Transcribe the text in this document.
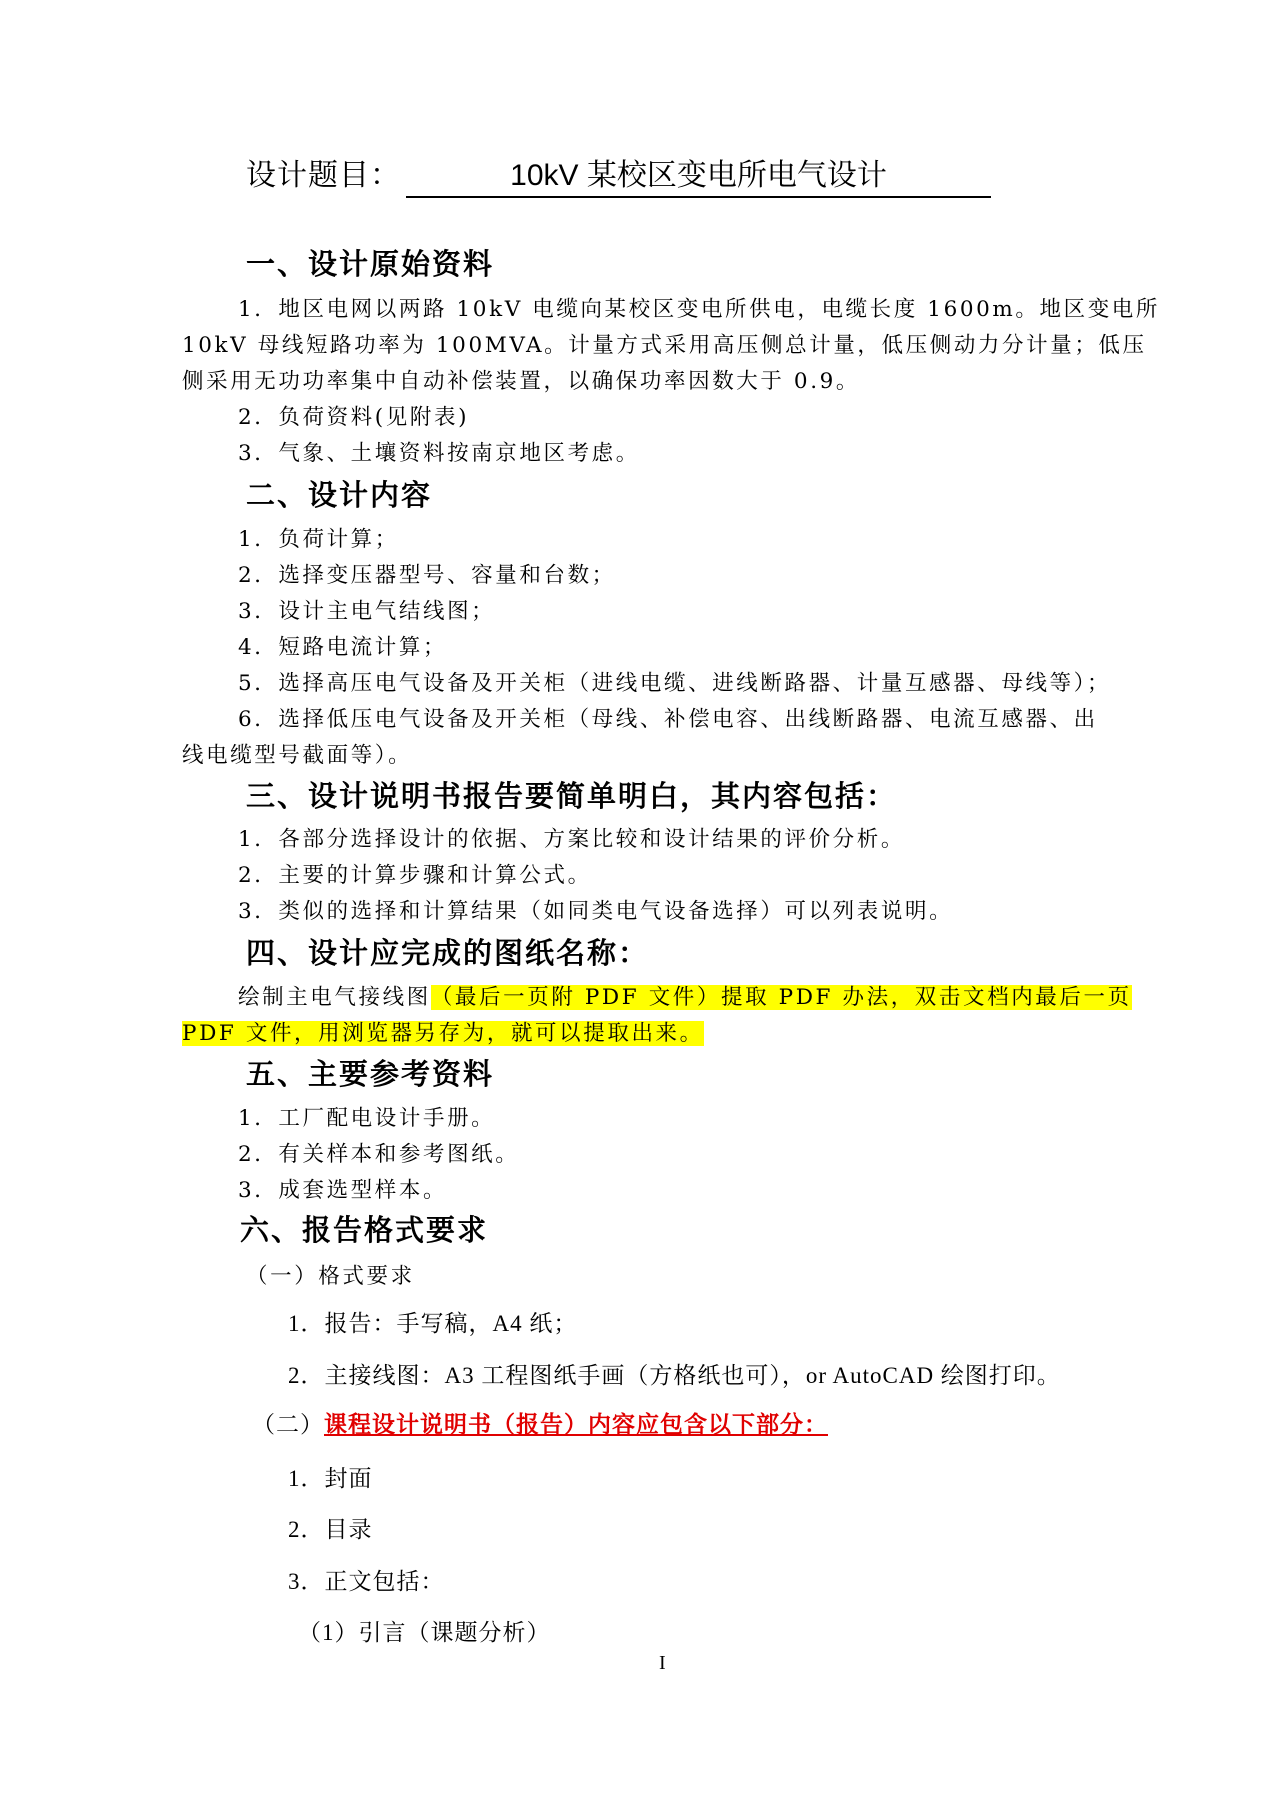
设计题目：	10kV 某校区变电所电气设计
一、设计原始资料
1．地区电网以两路 10kV 电缆向某校区变电所供电，电缆长度 1600m。地区变电所
10kV 母线短路功率为 100MVA。计量方式采用高压侧总计量，低压侧动力分计量；低压
侧采用无功功率集中自动补偿装置，以确保功率因数大于 0.9。
2．负荷资料(见附表)
3．气象、土壤资料按南京地区考虑。
二、设计内容
1．负荷计算；
2．选择变压器型号、容量和台数；
3．设计主电气结线图；
4．短路电流计算；
5．选择高压电气设备及开关柜（进线电缆、进线断路器、计量互感器、母线等）；
6．选择低压电气设备及开关柜（母线、补偿电容、出线断路器、电流互感器、出
线电缆型号截面等）。
三、设计说明书报告要简单明白，其内容包括：
1．各部分选择设计的依据、方案比较和设计结果的评价分析。
2．主要的计算步骤和计算公式。
3．类似的选择和计算结果（如同类电气设备选择）可以列表说明。
四、设计应完成的图纸名称：
绘制主电气接线图（最后一页附 PDF 文件）提取 PDF 办法，双击文档内最后一页
PDF 文件，用浏览器另存为，就可以提取出来。
五、主要参考资料
1．工厂配电设计手册。
2．有关样本和参考图纸。
3．成套选型样本。
六、报告格式要求
（一）格式要求
1．报告：手写稿，A4 纸；
2．主接线图：A3 工程图纸手画（方格纸也可），or AutoCAD 绘图打印。
（二）课程设计说明书（报告）内容应包含以下部分：
1．封面
2．目录
3．正文包括：
（1）引言（课题分析）
I
